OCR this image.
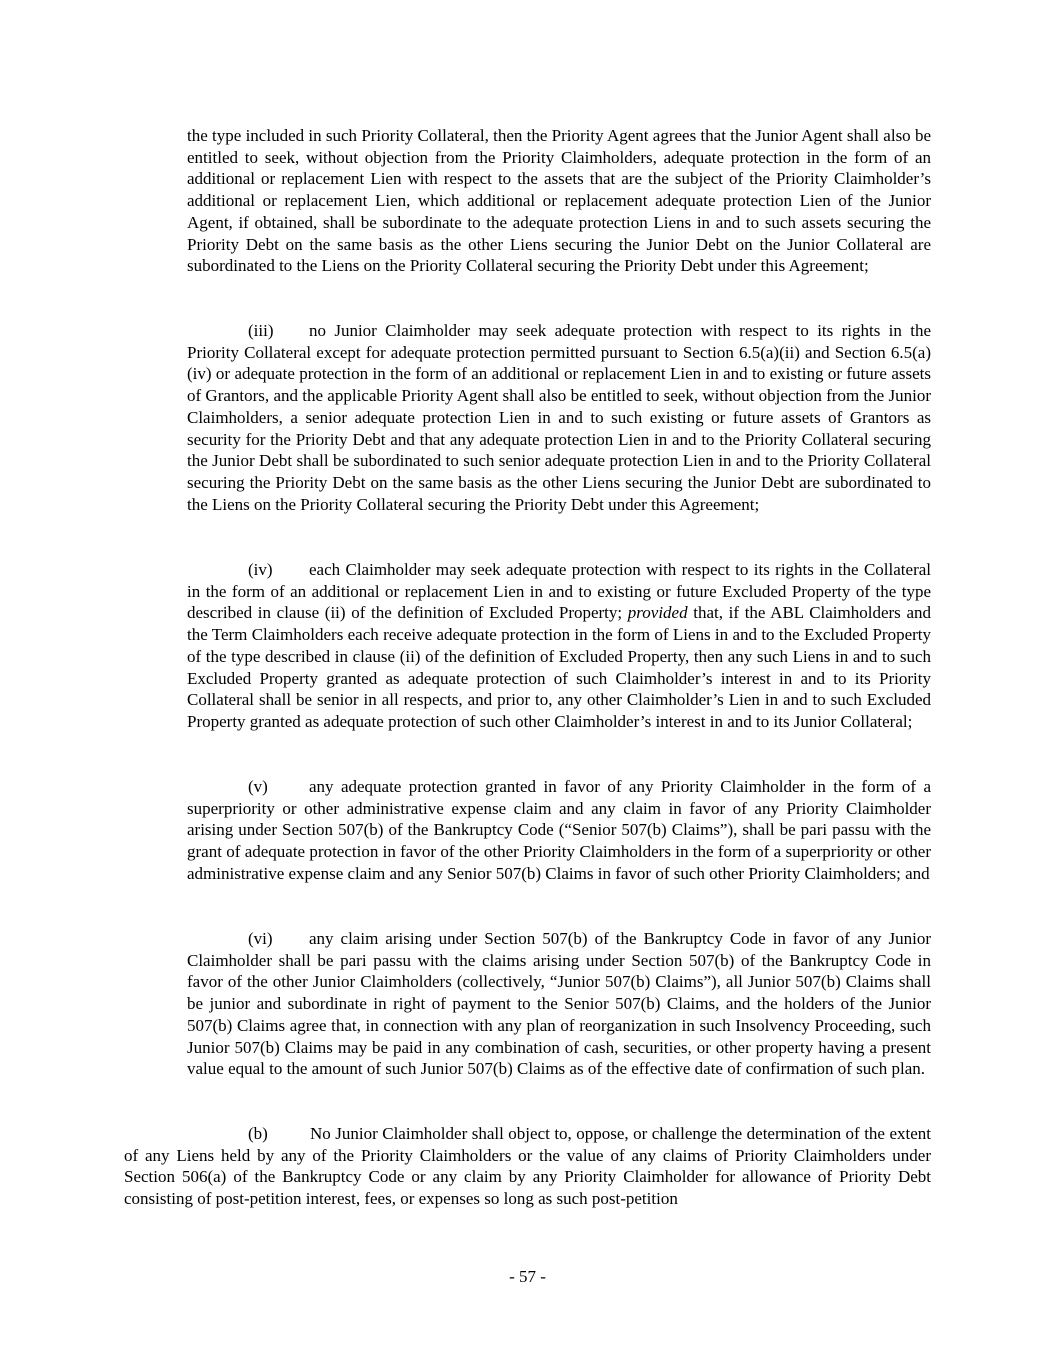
the type included in such Priority Collateral, then the Priority Agent agrees that the Junior Agent shall also be entitled to seek, without objection from the Priority Claimholders, adequate protection in the form of an additional or replacement Lien with respect to the assets that are the subject of the Priority Claimholder’s additional or replacement Lien, which additional or replacement adequate protection Lien of the Junior Agent, if obtained, shall be subordinate to the adequate protection Liens in and to such assets securing the Priority Debt on the same basis as the other Liens securing the Junior Debt on the Junior Collateral are subordinated to the Liens on the Priority Collateral securing the Priority Debt under this Agreement;

(iii) no Junior Claimholder may seek adequate protection with respect to its rights in the Priority Collateral except for adequate protection permitted pursuant to Section 6.5(a)(ii) and Section 6.5(a)(iv) or adequate protection in the form of an additional or replacement Lien in and to existing or future assets of Grantors, and the applicable Priority Agent shall also be entitled to seek, without objection from the Junior Claimholders, a senior adequate protection Lien in and to such existing or future assets of Grantors as security for the Priority Debt and that any adequate protection Lien in and to the Priority Collateral securing the Junior Debt shall be subordinated to such senior adequate protection Lien in and to the Priority Collateral securing the Priority Debt on the same basis as the other Liens securing the Junior Debt are subordinated to the Liens on the Priority Collateral securing the Priority Debt under this Agreement;

(iv) each Claimholder may seek adequate protection with respect to its rights in the Collateral in the form of an additional or replacement Lien in and to existing or future Excluded Property of the type described in clause (ii) of the definition of Excluded Property; provided that, if the ABL Claimholders and the Term Claimholders each receive adequate protection in the form of Liens in and to the Excluded Property of the type described in clause (ii) of the definition of Excluded Property, then any such Liens in and to such Excluded Property granted as adequate protection of such Claimholder’s interest in and to its Priority Collateral shall be senior in all respects, and prior to, any other Claimholder’s Lien in and to such Excluded Property granted as adequate protection of such other Claimholder’s interest in and to its Junior Collateral;

(v) any adequate protection granted in favor of any Priority Claimholder in the form of a superpriority or other administrative expense claim and any claim in favor of any Priority Claimholder arising under Section 507(b) of the Bankruptcy Code (“Senior 507(b) Claims”), shall be pari passu with the grant of adequate protection in favor of the other Priority Claimholders in the form of a superpriority or other administrative expense claim and any Senior 507(b) Claims in favor of such other Priority Claimholders; and

(vi) any claim arising under Section 507(b) of the Bankruptcy Code in favor of any Junior Claimholder shall be pari passu with the claims arising under Section 507(b) of the Bankruptcy Code in favor of the other Junior Claimholders (collectively, “Junior 507(b) Claims”), all Junior 507(b) Claims shall be junior and subordinate in right of payment to the Senior 507(b) Claims, and the holders of the Junior 507(b) Claims agree that, in connection with any plan of reorganization in such Insolvency Proceeding, such Junior 507(b) Claims may be paid in any combination of cash, securities, or other property having a present value equal to the amount of such Junior 507(b) Claims as of the effective date of confirmation of such plan.

(b) No Junior Claimholder shall object to, oppose, or challenge the determination of the extent of any Liens held by any of the Priority Claimholders or the value of any claims of Priority Claimholders under Section 506(a) of the Bankruptcy Code or any claim by any Priority Claimholder for allowance of Priority Debt consisting of post-petition interest, fees, or expenses so long as such post-petition

- 57 -
